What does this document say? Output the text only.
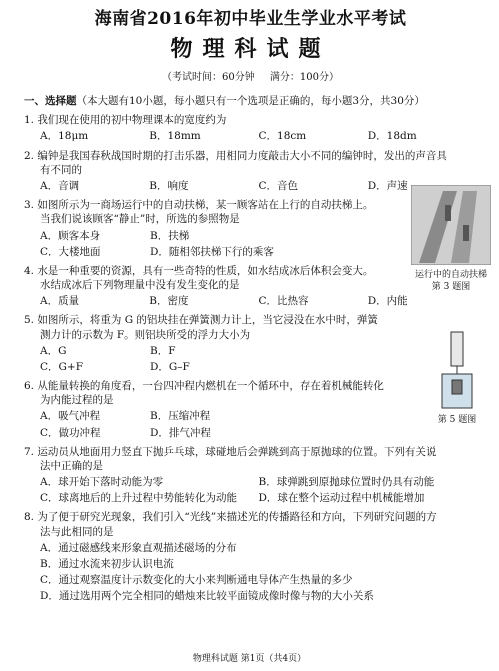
海南省2016年初中毕业生学业水平考试
物理科试题
（考试时间：60分钟 满分：100分）
一、选择题（本大题有10小题，每小题只有一个选项是正确的，每小题3分，共30分）
1. 我们现在使用的初中物理课本的宽度约为
A．18μm	B．18mm	C．18cm	D．18dm
2. 编钟是我国春秋战国时期的打击乐器，用相同力度敲击大小不同的编钟时，发出的声音具
有不同的
A．音调	B．响度	C．音色	D．声速
3. 如图所示为一商场运行中的自动扶梯，某一顾客站在上行的自动扶梯上。
当我们说该顾客“静止”时，所选的参照物是
A．顾客本身	B．扶梯
C．大楼地面	D．随相邻扶梯下行的乘客
运行中的自动扶梯
第 3 题图
4. 水是一种重要的资源，具有一些奇特的性质，如水结成冰后体积会变大。
水结成冰后下列物理量中没有发生变化的是
A．质量	B．密度	C．比热容	D．内能
5. 如图所示，将重为 G 的铝块挂在弹簧测力计上，当它浸没在水中时，弹簧
测力计的示数为 F。则铝块所受的浮力大小为
A．G	B．F
C．G+F	D．G–F
第 5 题图
6. 从能量转换的角度看，一台四冲程内燃机在一个循环中，存在着机械能转化
为内能过程的是
A．吸气冲程	B．压缩冲程
C．做功冲程	D．排气冲程
7. 运动员从地面用力竖直下抛乒乓球，球碰地后会弹跳到高于原抛球的位置。下列有关说
法中正确的是
A．球开始下落时动能为零	B．球弹跳到原抛球位置时仍具有动能
C．球离地后的上升过程中势能转化为动能	D．球在整个运动过程中机械能增加
8. 为了便于研究光现象，我们引入“光线”来描述光的传播路径和方向，下列研究问题的方
法与此相同的是
A．通过磁感线来形象直观描述磁场的分布
B．通过水流来初步认识电流
C．通过观察温度计示数变化的大小来判断通电导体产生热量的多少
D．通过选用两个完全相同的蜡烛来比较平面镜成像时像与物的大小关系
物理科试题 第1页（共4页）
